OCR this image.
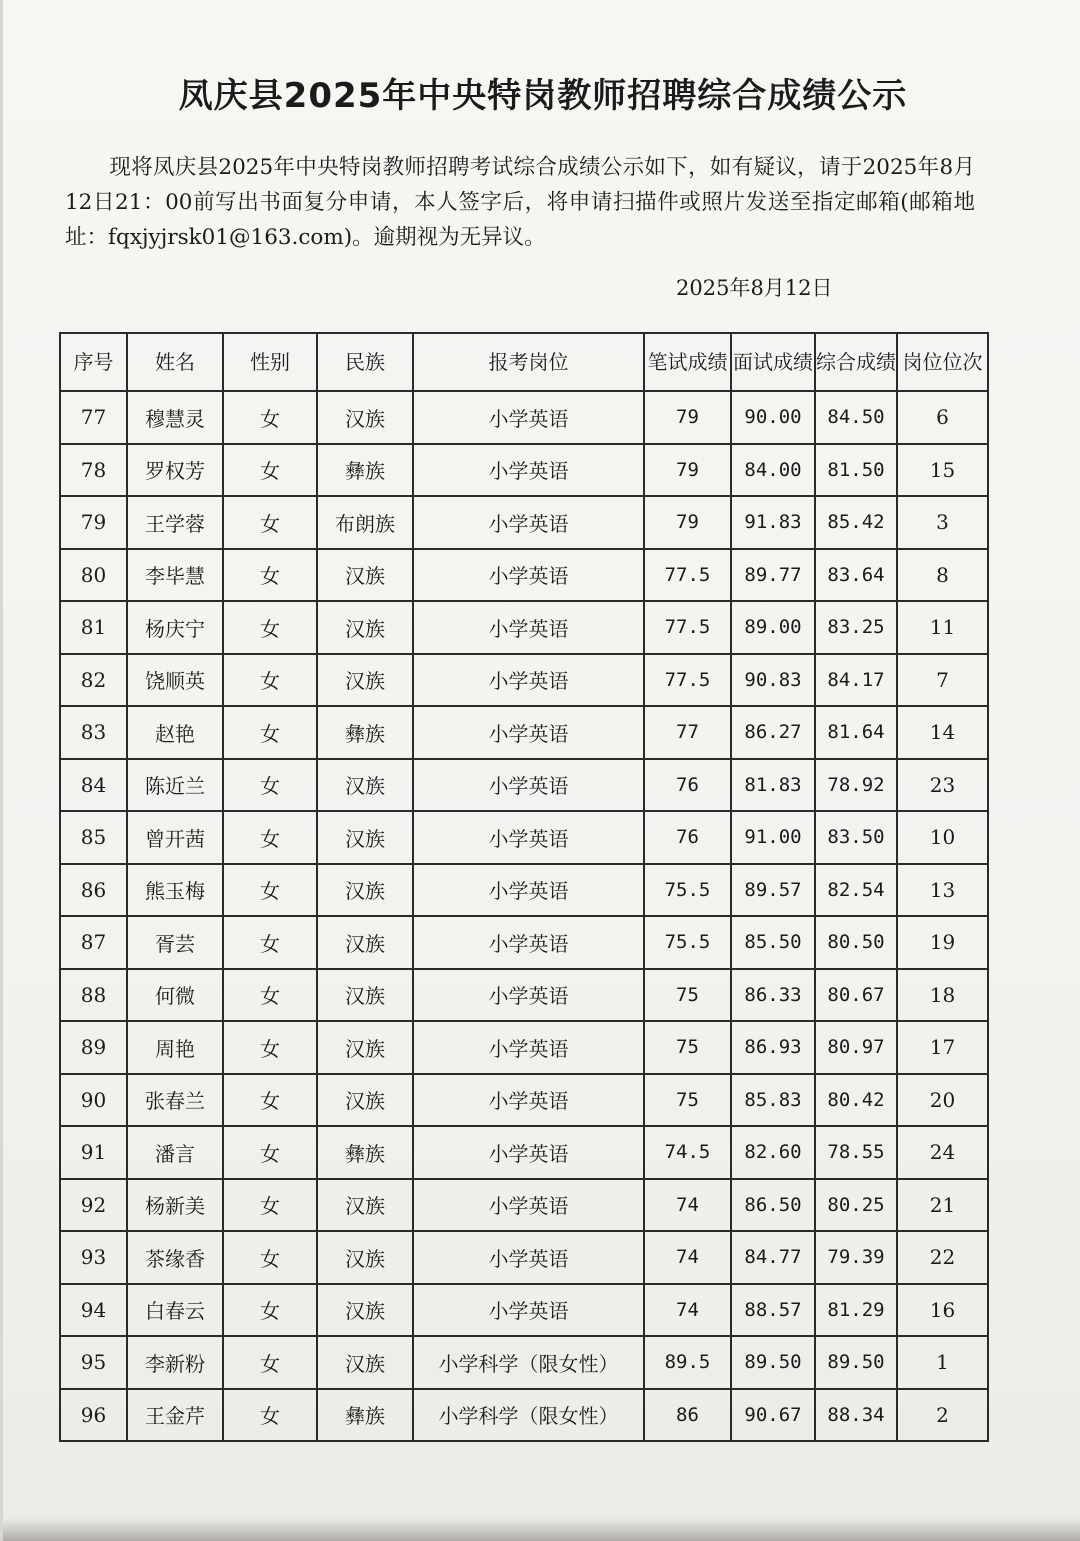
凤庆县2025年中央特岗教师招聘综合成绩公示
现将凤庆县2025年中央特岗教师招聘考试综合成绩公示如下，如有疑议，请于2025年8月12日21：00前写出书面复分申请，本人签字后，将申请扫描件或照片发送至指定邮箱(邮箱地址：fqxjyjrsk01@163.com)。逾期视为无异议。
2025年8月12日
序号	姓名	性别	民族	报考岗位	笔试成绩	面试成绩	综合成绩	岗位位次
77	穆慧灵	女	汉族	小学英语	79	90.00	84.50	6
78	罗权芳	女	彝族	小学英语	79	84.00	81.50	15
79	王学蓉	女	布朗族	小学英语	79	91.83	85.42	3
80	李毕慧	女	汉族	小学英语	77.5	89.77	83.64	8
81	杨庆宁	女	汉族	小学英语	77.5	89.00	83.25	11
82	饶顺英	女	汉族	小学英语	77.5	90.83	84.17	7
83	赵艳	女	彝族	小学英语	77	86.27	81.64	14
84	陈近兰	女	汉族	小学英语	76	81.83	78.92	23
85	曾开茜	女	汉族	小学英语	76	91.00	83.50	10
86	熊玉梅	女	汉族	小学英语	75.5	89.57	82.54	13
87	胥芸	女	汉族	小学英语	75.5	85.50	80.50	19
88	何微	女	汉族	小学英语	75	86.33	80.67	18
89	周艳	女	汉族	小学英语	75	86.93	80.97	17
90	张春兰	女	汉族	小学英语	75	85.83	80.42	20
91	潘言	女	彝族	小学英语	74.5	82.60	78.55	24
92	杨新美	女	汉族	小学英语	74	86.50	80.25	21
93	茶缘香	女	汉族	小学英语	74	84.77	79.39	22
94	白春云	女	汉族	小学英语	74	88.57	81.29	16
95	李新粉	女	汉族	小学科学（限女性）	89.5	89.50	89.50	1
96	王金芹	女	彝族	小学科学（限女性）	86	90.67	88.34	2
